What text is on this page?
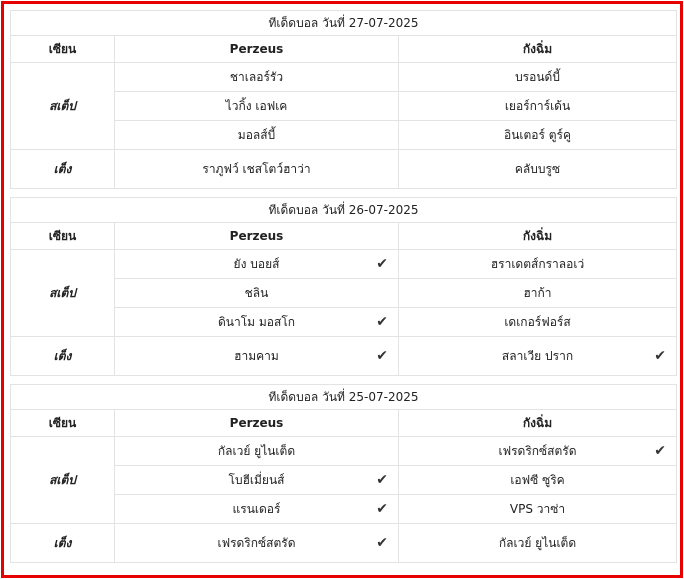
ทีเด็ดบอล วันที่ 27-07-2025		
เซียน	Perzeus	กังฉิ่ม
สเต็ป	ชาเลอร์รัว	บรอนด์บี้
	ไวกิ้ง เอฟเค	เยอร์การ์เด้น
	มอลส์บี้	อินเตอร์ ตูร์คู
เต็ง	ราภูฟว์ เชสโตว์ฮาว่า	คลับบรูซ

ทีเด็ดบอล วันที่ 26-07-2025		
เซียน	Perzeus	กังฉิ่ม
สเต็ป	ยัง บอยส์ ✔	ฮราเดตส์กราลอเว่
	ชลิน	ฮาก้า
	ดินาโม มอสโก ✔	เดเกอร์ฟอร์ส
เต็ง	ฮามคาม ✔	สลาเวีย ปราก ✔

ทีเด็ดบอล วันที่ 25-07-2025		
เซียน	Perzeus	กังฉิ่ม
สเต็ป	กัลเวย์ ยูไนเต็ด	เฟรดริกซ์สตรัด ✔

	โบฮีเมี่ยนส์ ✔	เอฟซี ซูริค
	แรนเดอร์ ✔	VPS วาซ่า
เต็ง	เฟรดริกซ์สตรัด ✔	กัลเวย์ ยูไนเต็ด
